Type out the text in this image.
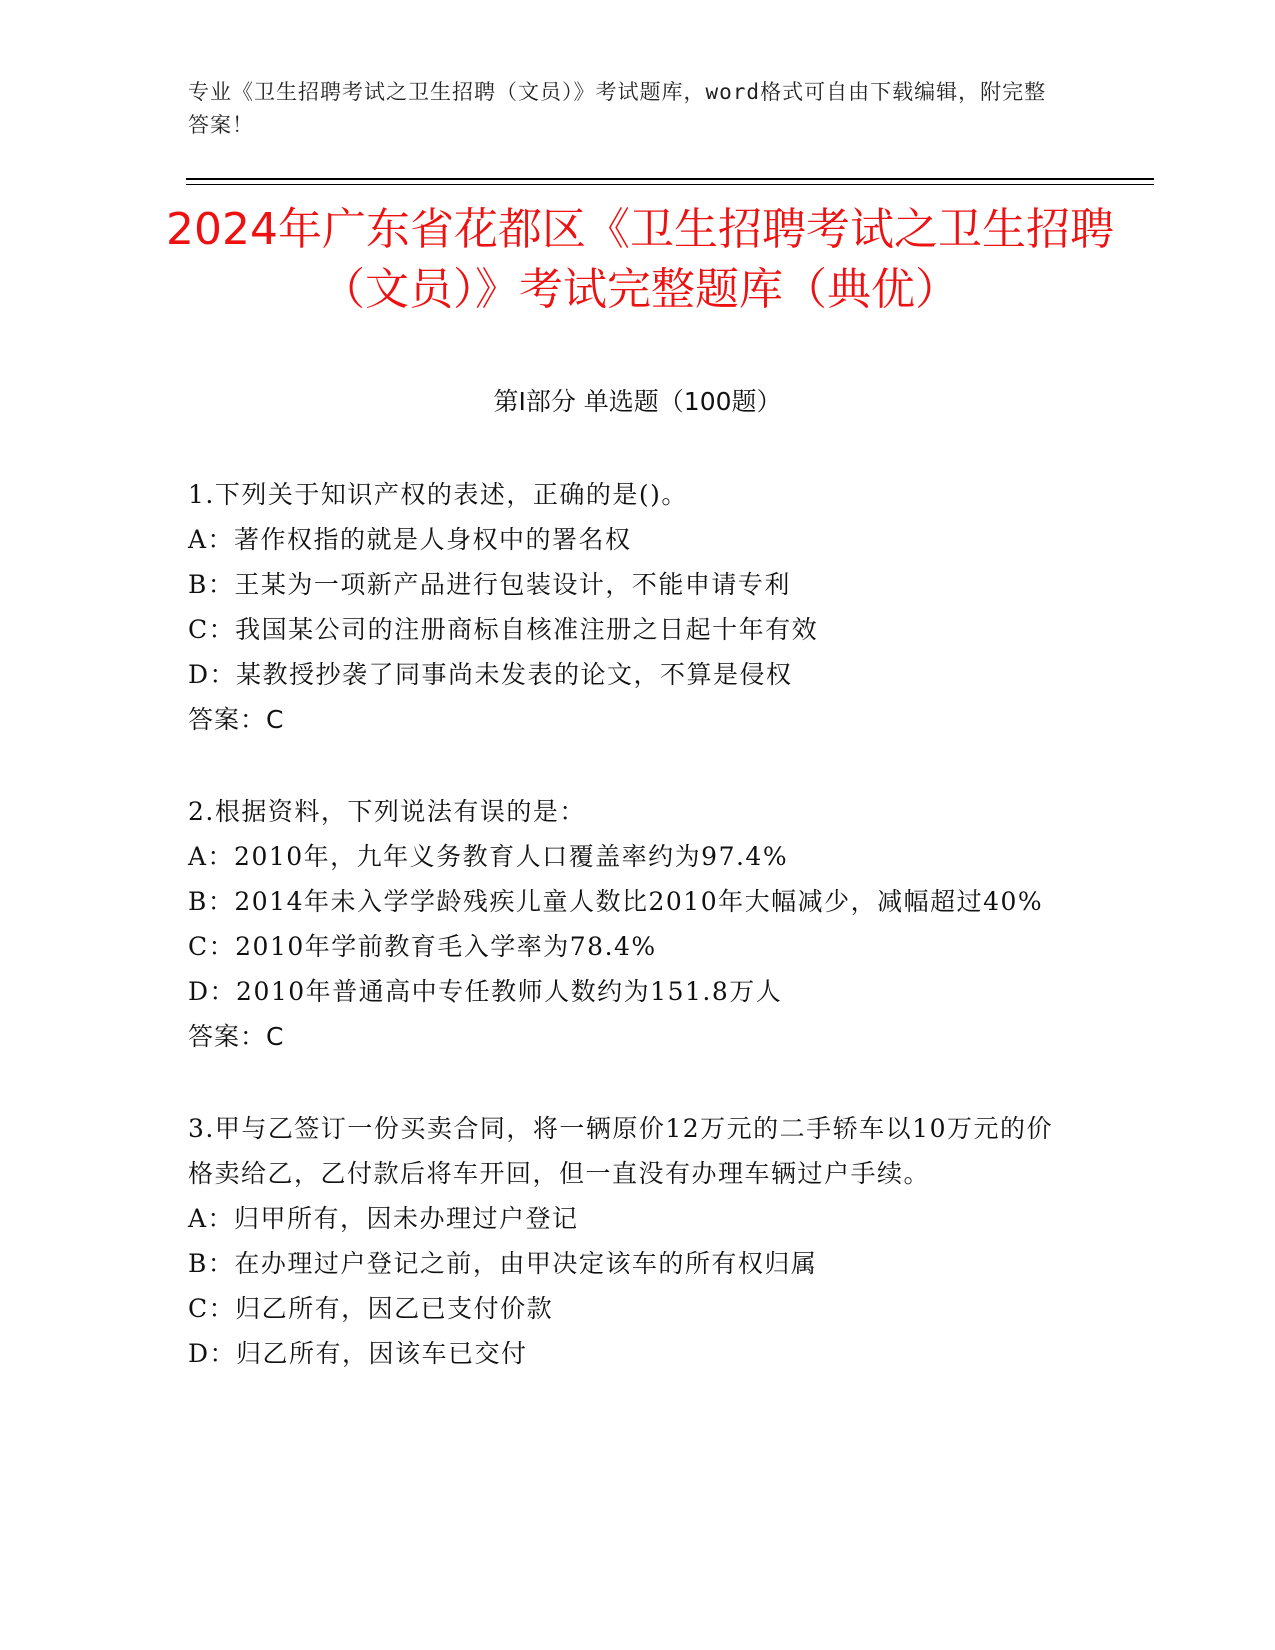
专业《卫生招聘考试之卫生招聘（文员）》考试题库，word格式可自由下载编辑，附完整答案！
2024年广东省花都区《卫生招聘考试之卫生招聘（文员）》考试完整题库（典优）
第I部分 单选题（100题）
1.下列关于知识产权的表述，正确的是()。
A：著作权指的就是人身权中的署名权
B：王某为一项新产品进行包装设计，不能申请专利
C：我国某公司的注册商标自核准注册之日起十年有效
D：某教授抄袭了同事尚未发表的论文，不算是侵权
答案：C
2.根据资料，下列说法有误的是：
A：2010年，九年义务教育人口覆盖率约为97.4%
B：2014年未入学学龄残疾儿童人数比2010年大幅减少，减幅超过40%
C：2010年学前教育毛入学率为78.4%
D：2010年普通高中专任教师人数约为151.8万人
答案：C
3.甲与乙签订一份买卖合同，将一辆原价12万元的二手轿车以10万元的价格卖给乙，乙付款后将车开回，但一直没有办理车辆过户手续。
A：归甲所有，因未办理过户登记
B：在办理过户登记之前，由甲决定该车的所有权归属
C：归乙所有，因乙已支付价款
D：归乙所有，因该车已交付
